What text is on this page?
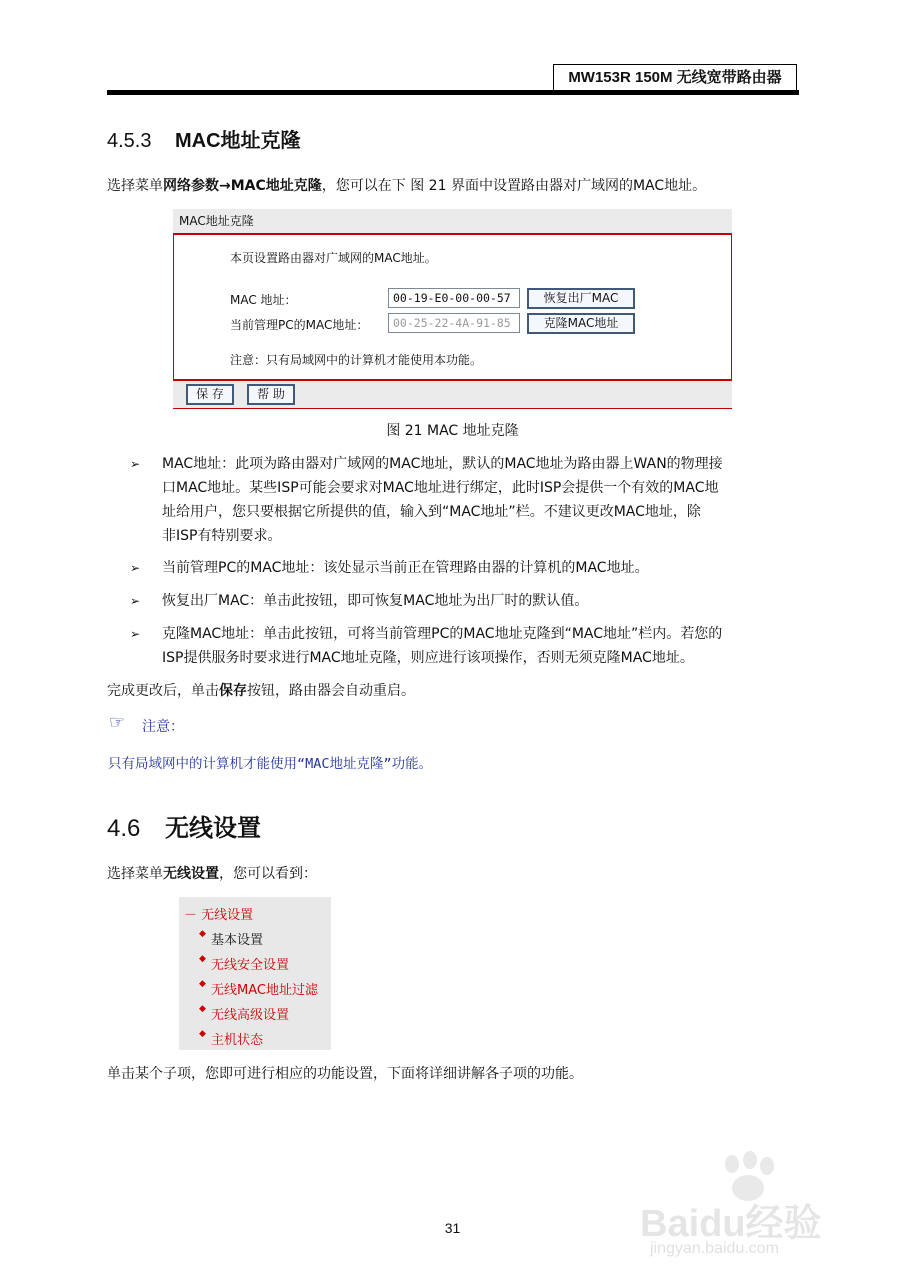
MW153R 150M 无线宽带路由器
4.5.3 MAC地址克隆
选择菜单网络参数→MAC地址克隆，您可以在下 图 21 界面中设置路由器对广域网的MAC地址。
MAC地址克隆
本页设置路由器对广域网的MAC地址。
MAC 地址：	00-19-E0-00-00-57	恢复出厂MAC
当前管理PC的MAC地址：	00-25-22-4A-91-85	克隆MAC地址
注意：只有局域网中的计算机才能使用本功能。
保 存	帮 助
图 21 MAC 地址克隆
➢ MAC地址：此项为路由器对广域网的MAC地址，默认的MAC地址为路由器上WAN的物理接
口MAC地址。某些ISP可能会要求对MAC地址进行绑定，此时ISP会提供一个有效的MAC地
址给用户，您只要根据它所提供的值，输入到“MAC地址”栏。不建议更改MAC地址，除
非ISP有特别要求。
➢ 当前管理PC的MAC地址：该处显示当前正在管理路由器的计算机的MAC地址。
➢ 恢复出厂MAC：单击此按钮，即可恢复MAC地址为出厂时的默认值。
➢ 克隆MAC地址：单击此按钮，可将当前管理PC的MAC地址克隆到“MAC地址”栏内。若您的
ISP提供服务时要求进行MAC地址克隆，则应进行该项操作，否则无须克隆MAC地址。
完成更改后，单击保存按钮，路由器会自动重启。
☞ 注意：
只有局域网中的计算机才能使用“MAC地址克隆”功能。
4.6 无线设置
选择菜单无线设置，您可以看到：
－ 无线设置
◆ 基本设置
◆ 无线安全设置
◆ 无线MAC地址过滤
◆ 无线高级设置
◆ 主机状态
单击某个子项，您即可进行相应的功能设置，下面将详细讲解各子项的功能。
Baidu经验
jingyan.baidu.com
31
